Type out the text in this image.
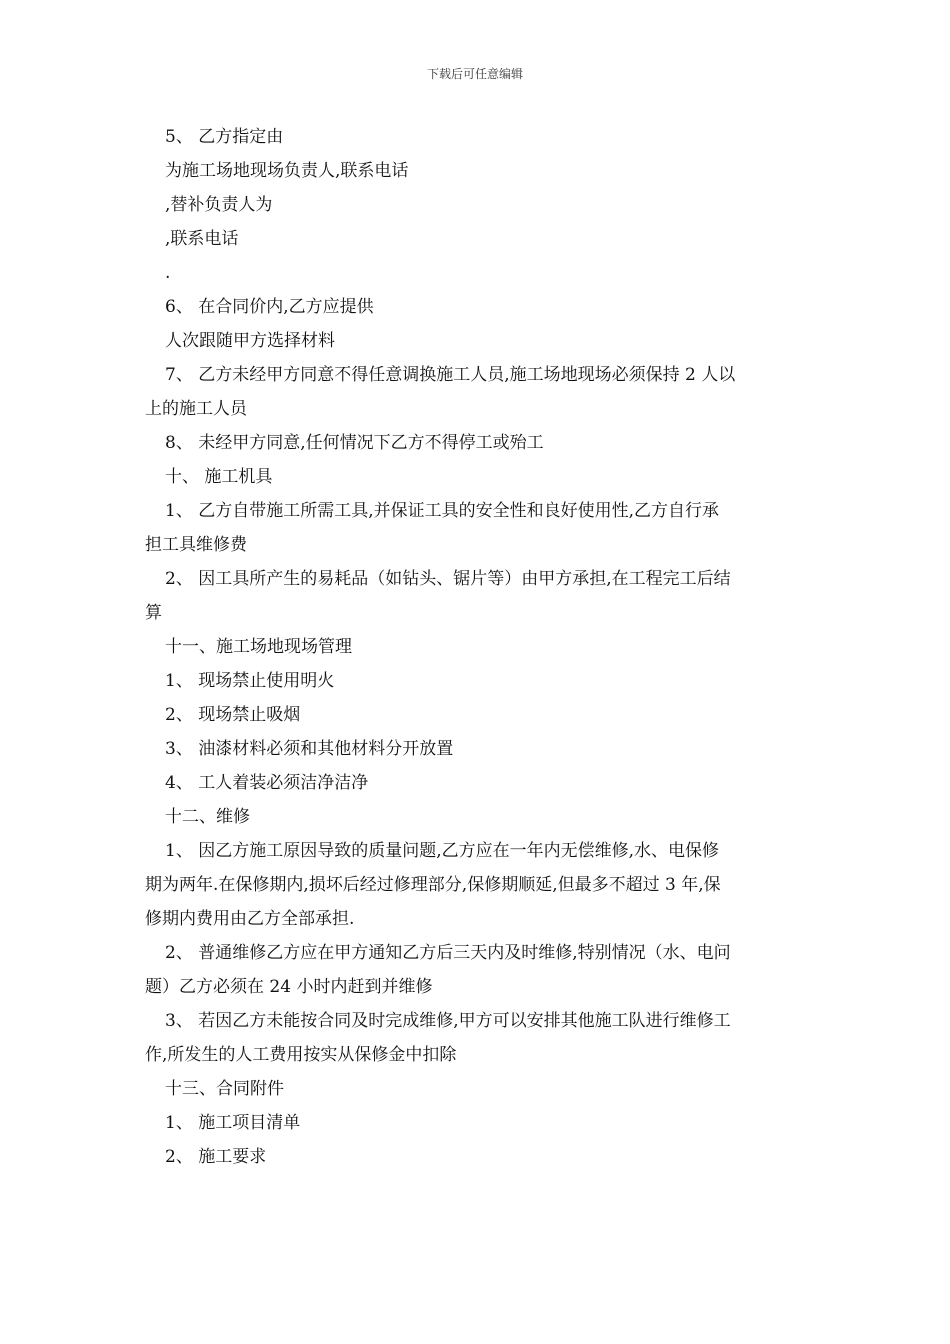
下载后可任意编辑
5、 乙方指定由
为施工场地现场负责人,联系电话
,替补负责人为
,联系电话
.
6、 在合同价内,乙方应提供
人次跟随甲方选择材料
7、 乙方未经甲方同意不得任意调换施工人员,施工场地现场必须保持 2 人以
上的施工人员
8、 未经甲方同意,任何情况下乙方不得停工或殆工
十、 施工机具
1、 乙方自带施工所需工具,并保证工具的安全性和良好使用性,乙方自行承
担工具维修费
2、 因工具所产生的易耗品（如钻头、锯片等）由甲方承担,在工程完工后结
算
十一、施工场地现场管理
1、 现场禁止使用明火
2、 现场禁止吸烟
3、 油漆材料必须和其他材料分开放置
4、 工人着装必须洁净洁净
十二、维修
1、 因乙方施工原因导致的质量问题,乙方应在一年内无偿维修,水、电保修
期为两年.在保修期内,损坏后经过修理部分,保修期顺延,但最多不超过 3 年,保
修期内费用由乙方全部承担.
2、 普通维修乙方应在甲方通知乙方后三天内及时维修,特别情况（水、电问
题）乙方必须在 24 小时内赶到并维修
3、 若因乙方未能按合同及时完成维修,甲方可以安排其他施工队进行维修工
作,所发生的人工费用按实从保修金中扣除
十三、合同附件
1、 施工项目清单
2、 施工要求
